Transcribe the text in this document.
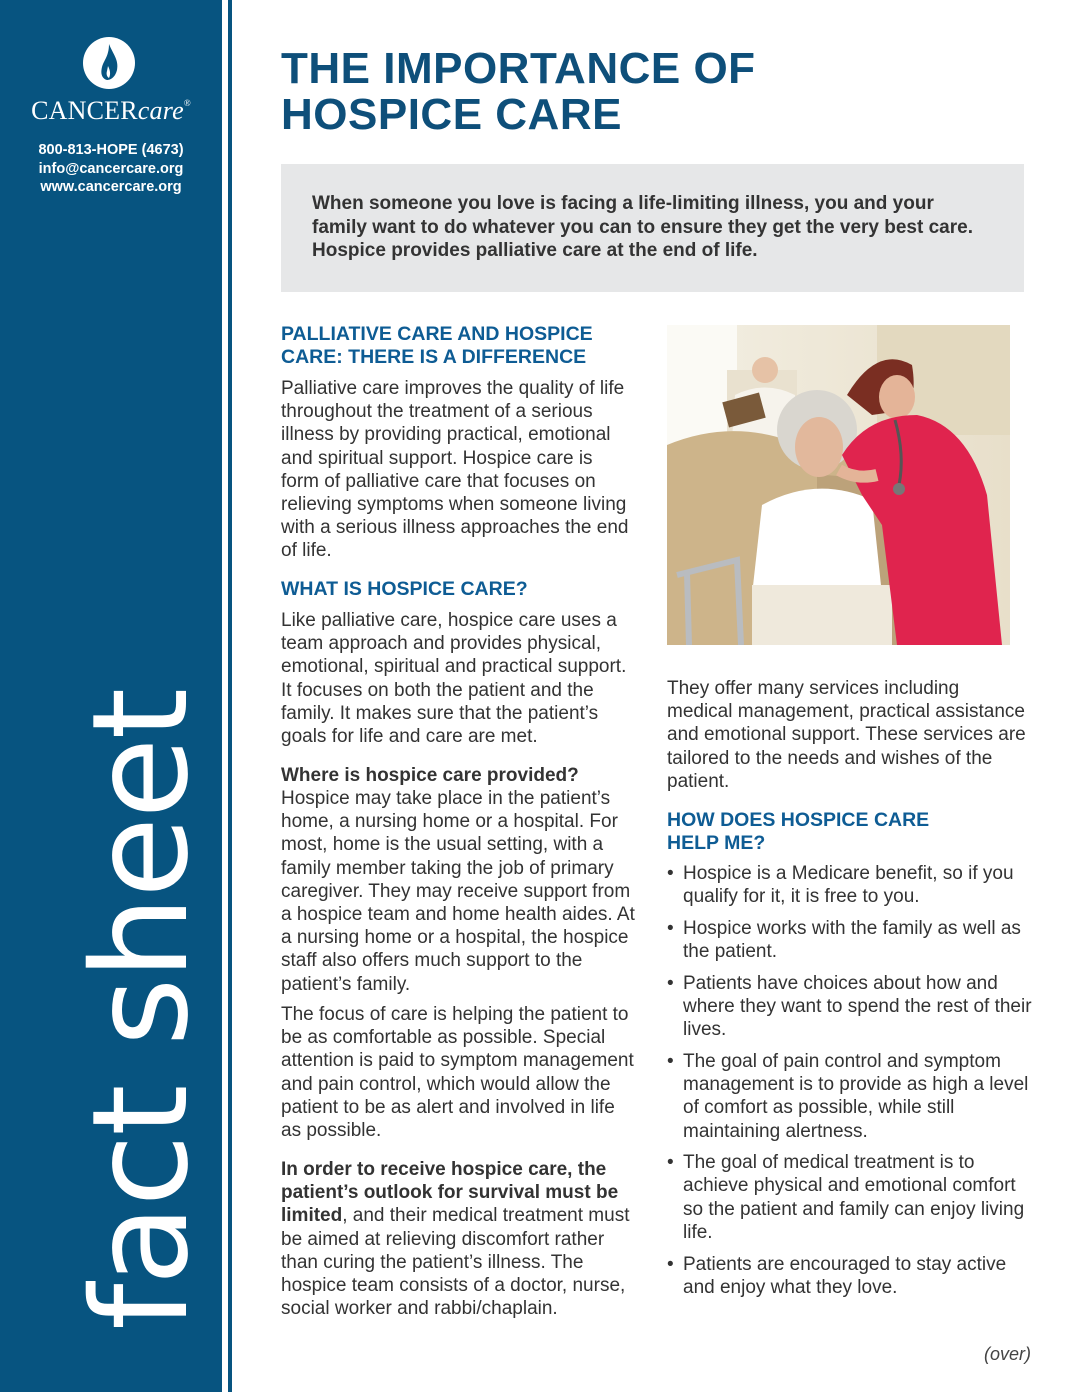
CANCERcare®
800-813-HOPE (4673)
info@cancercare.org
www.cancercare.org
fact sheet
THE IMPORTANCE OF
HOSPICE CARE

When someone you love is facing a life-limiting illness, you and your family want to do whatever you can to ensure they get the very best care. Hospice provides palliative care at the end of life.

PALLIATIVE CARE AND HOSPICE
CARE: THERE IS A DIFFERENCE

Palliative care improves the quality of life throughout the treatment of a serious illness by providing practical, emotional and spiritual support. Hospice care is form of palliative care that focuses on relieving symptoms when someone living with a serious illness approaches the end of life.

WHAT IS HOSPICE CARE?

Like palliative care, hospice care uses a team approach and provides physical, emotional, spiritual and practical support. It focuses on both the patient and the family. It makes sure that the patient’s goals for life and care are met.

Where is hospice care provided?

Hospice may take place in the patient’s home, a nursing home or a hospital. For most, home is the usual setting, with a family member taking the job of primary caregiver. They may receive support from a hospice team and home health aides. At a nursing home or a hospital, the hospice staff also offers much support to the patient’s family.

The focus of care is helping the patient to be as comfortable as possible. Special attention is paid to symptom management and pain control, which would allow the patient to be as alert and involved in life as possible.

In order to receive hospice care, the patient’s outlook for survival must be limited, and their medical treatment must be aimed at relieving discomfort rather than curing the patient’s illness. The hospice team consists of a doctor, nurse, social worker and rabbi/chaplain.

They offer many services including medical management, practical assistance and emotional support. These services are tailored to the needs and wishes of the patient.

HOW DOES HOSPICE CARE
HELP ME?
• Hospice is a Medicare benefit, so if you qualify for it, it is free to you.
• Hospice works with the family as well as the patient.
• Patients have choices about how and where they want to spend the rest of their lives.
• The goal of pain control and symptom management is to provide as high a level of comfort as possible, while still maintaining alertness.
• The goal of medical treatment is to achieve physical and emotional comfort so the patient and family can enjoy living life.
• Patients are encouraged to stay active and enjoy what they love.
(over)
